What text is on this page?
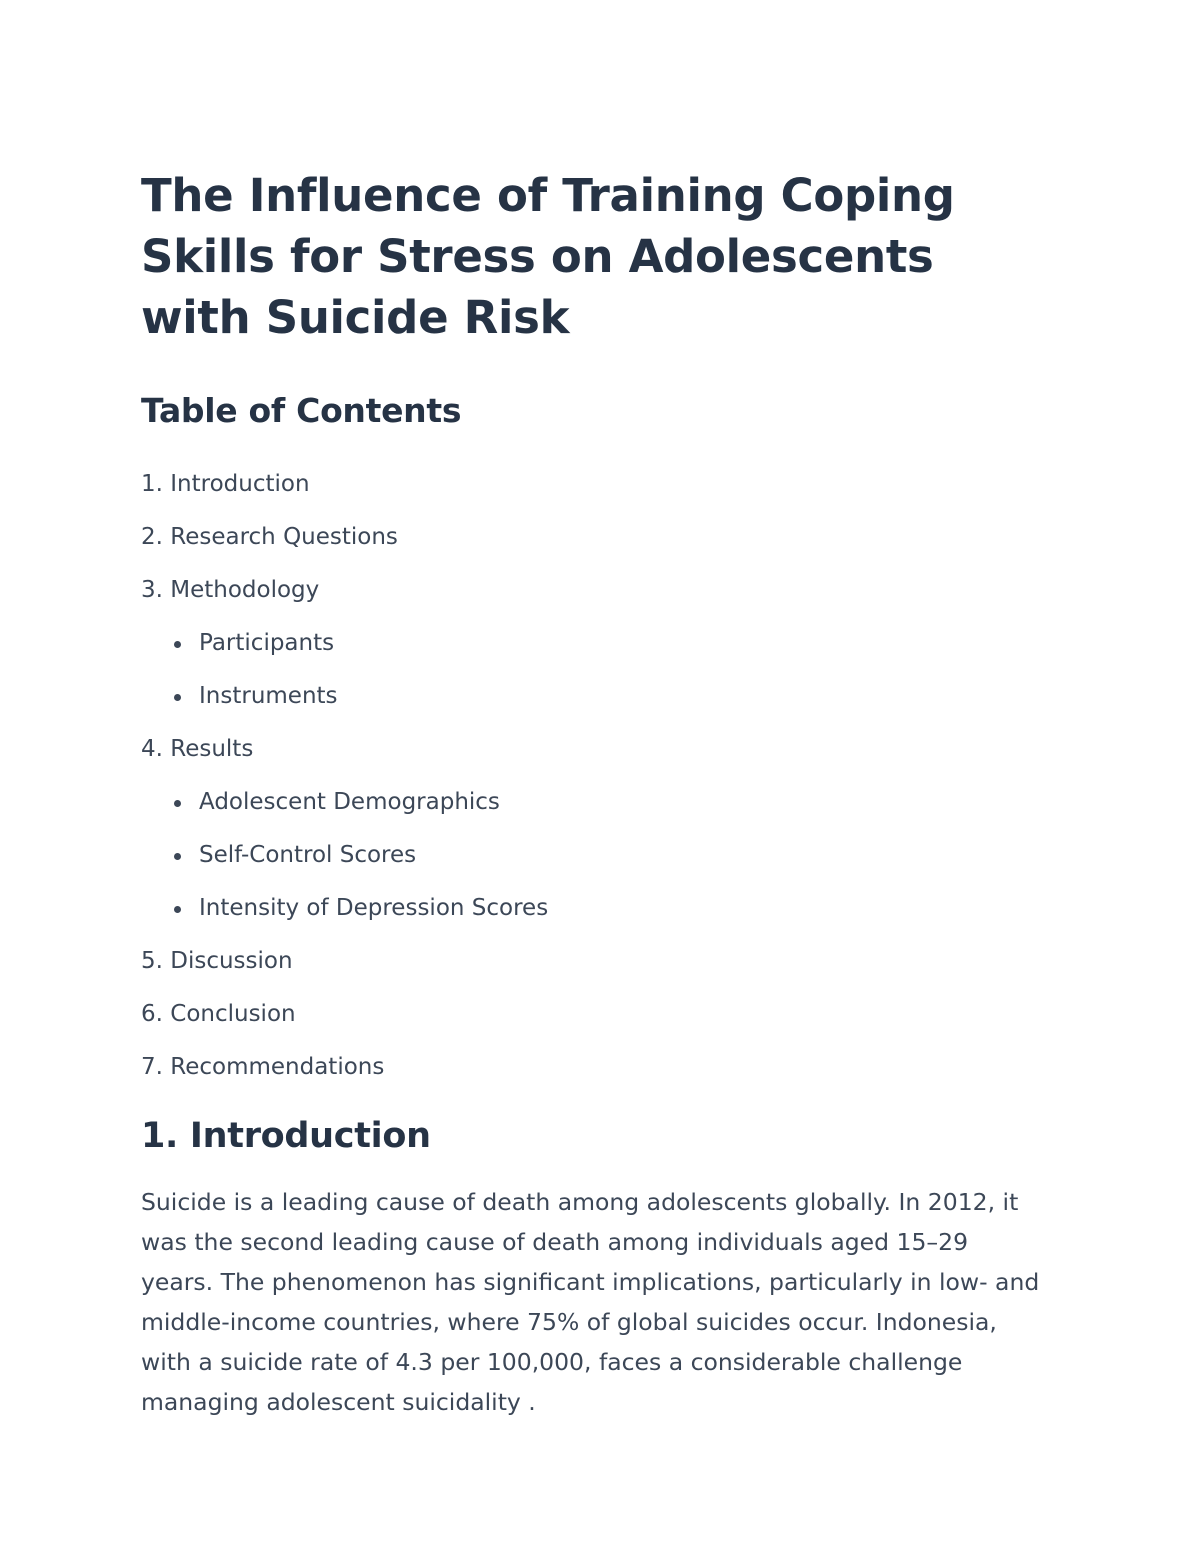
The Influence of Training Coping Skills for Stress on Adolescents with Suicide Risk
Table of Contents
1. Introduction
2. Research Questions
3. Methodology
Participants
Instruments
4. Results
Adolescent Demographics
Self-Control Scores
Intensity of Depression Scores
5. Discussion
6. Conclusion
7. Recommendations
1. Introduction

Suicide is a leading cause of death among adolescents globally. In 2012, it was the second leading cause of death among individuals aged 15–29 years. The phenomenon has significant implications, particularly in low- and middle-income countries, where 75% of global suicides occur. Indonesia, with a suicide rate of 4.3 per 100,000, faces a considerable challenge managing adolescent suicidality .
